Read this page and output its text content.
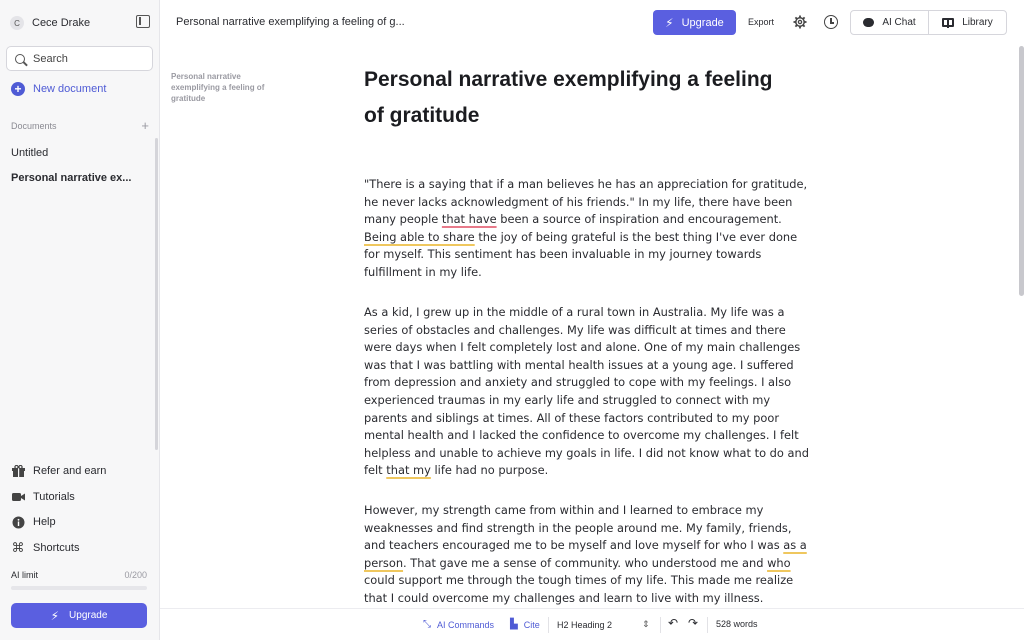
C	Cece Drake
Search
+	New document
Documents	+
Untitled
Personal narrative ex...
Refer and earn
Tutorials
Help
⌘ Shortcuts
AI limit	0/200
⚡︎ Upgrade
Personal narrative exemplifying a feeling of g...	⚡︎ Upgrade	Export	AI Chat	Library
Personal narrative exemplifying a feeling of gratitude
Personal narrative exemplifying a feeling of gratitude

"There is a saying that if a man believes he has an appreciation for gratitude, he never lacks acknowledgment of his friends." In my life, there have been many people that have been a source of inspiration and encouragement. Being able to share the joy of being grateful is the best thing I've ever done for myself. This sentiment has been invaluable in my journey towards fulfillment in my life.

As a kid, I grew up in the middle of a rural town in Australia. My life was a series of obstacles and challenges. My life was difficult at times and there were days when I felt completely lost and alone. One of my main challenges was that I was battling with mental health issues at a young age. I suffered from depression and anxiety and struggled to cope with my feelings. I also experienced traumas in my early life and struggled to connect with my parents and siblings at times. All of these factors contributed to my poor mental health and I lacked the confidence to overcome my challenges. I felt helpless and unable to achieve my goals in life. I did not know what to do and felt that my life had no purpose.

However, my strength came from within and I learned to embrace my weaknesses and find strength in the people around me. My family, friends, and teachers encouraged me to be myself and love myself for who I was as a person. That gave me a sense of community. who understood me and who could support me through the tough times of my life. This made me realize that I could overcome my challenges and learn to live with my illness.

⤡ AI Commands ▙ Cite H2 Heading 2	⇕ ↶ ↷ 528 words
